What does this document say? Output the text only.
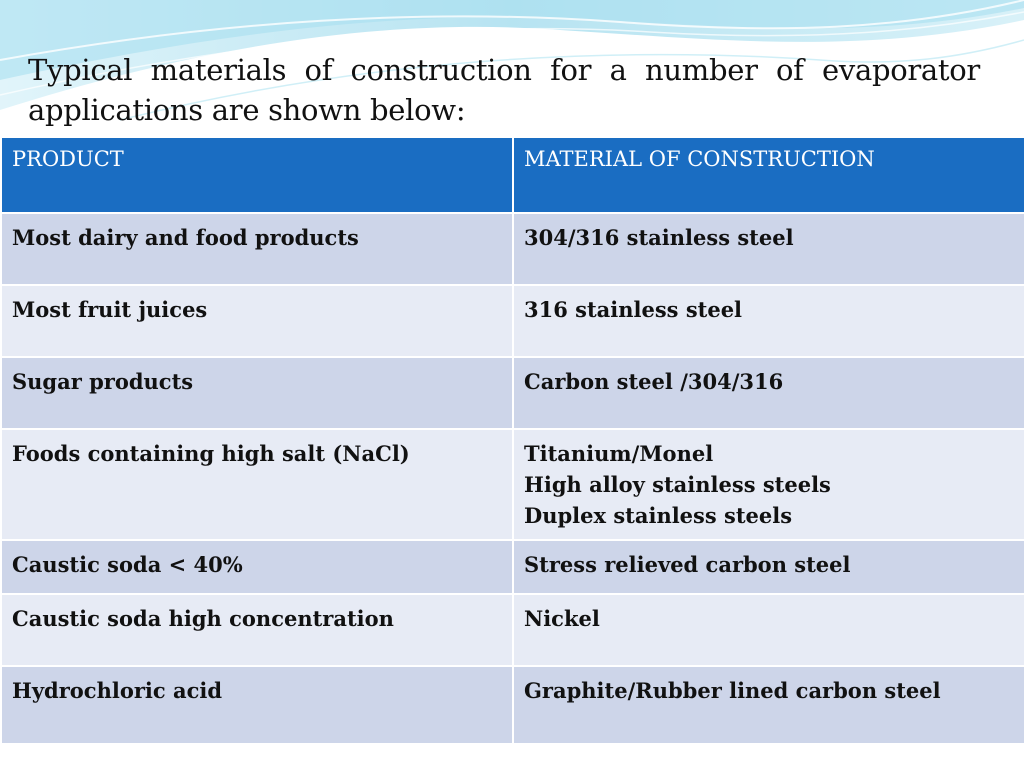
Typical materials of construction for a number of evaporator applications are shown below:
PRODUCT	MATERIAL OF CONSTRUCTION
Most dairy and food products	304/316 stainless steel

Most fruit juices	316 stainless steel

Sugar products	Carbon steel /304/316

Foods containing high salt (NaCl)	Titanium/Monel
High alloy stainless steels
Duplex stainless steels

Caustic soda < 40%	Stress relieved carbon steel

Caustic soda high concentration	Nickel

Hydrochloric acid	Graphite/Rubber lined carbon steel
